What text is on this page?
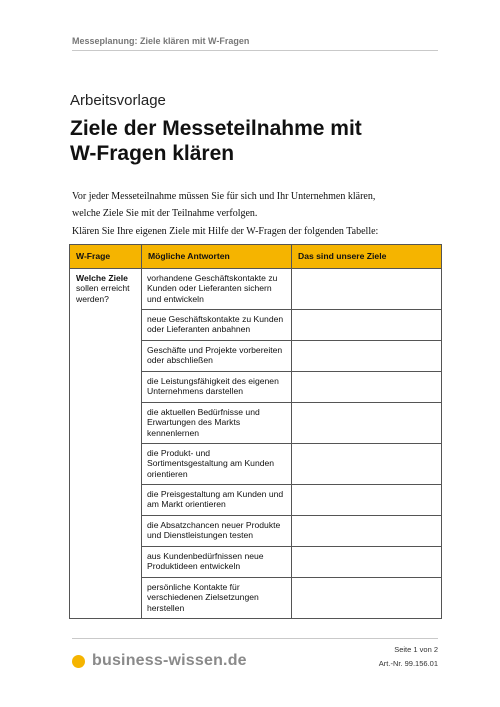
Messeplanung: Ziele klären mit W-Fragen
Arbeitsvorlage
Ziele der Messeteilnahme mit
W-Fragen klären
Vor jeder Messeteilnahme müssen Sie für sich und Ihr Unternehmen klären,
welche Ziele Sie mit der Teilnahme verfolgen.
Klären Sie Ihre eigenen Ziele mit Hilfe der W-Fragen der folgenden Tabelle:
W-Frage	Mögliche Antworten	Das sind unsere Ziele

Welche Ziele
sollen erreicht werden?	vorhandene Geschäftskontakte zu Kunden oder Lieferanten sichern und entwickeln	
	neue Geschäftskontakte zu Kunden oder Lieferanten anbahnen	
	Geschäfte und Projekte vorbereiten oder abschließen	
	die Leistungsfähigkeit des eigenen Unternehmens darstellen	
	die aktuellen Bedürfnisse und Erwartungen des Markts kennenlernen	
	die Produkt- und Sortimentsgestaltung am Kunden orientieren	
	die Preisgestaltung am Kunden und am Markt orientieren	
	die Absatzchancen neuer Produkte und Dienstleistungen testen	
	aus Kundenbedürfnissen neue Produktideen entwickeln	
	persönliche Kontakte für verschiedenen Zielsetzungen herstellen	
business-wissen.de
Seite 1 von 2
Art.-Nr. 99.156.01
